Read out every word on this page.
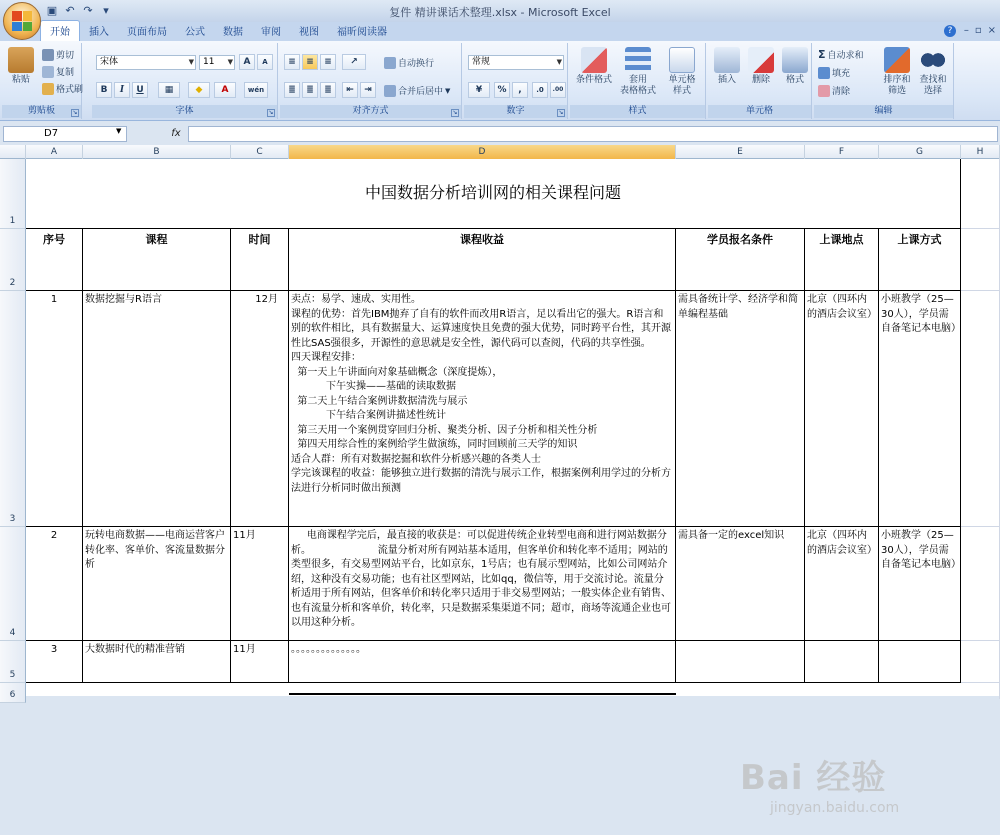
▣ ↶ ↷ ▾	复件 精讲课话术整理.xlsx - Microsoft Excel
开始	插入	页面布局	公式	数据	审阅	视图	福昕阅读器	?	– ▫ ×
粘贴
剪切
复制
格式刷
剪贴板	↘
宋体	▼	11 ▼	A	A
B	I	U	▦	◆	A	wén
字体	↘
≡	≡	≡	↗	自动换行
≣	≣	≣	⇤	⇥	合并后居中 ▼
对齐方式	↘
常规	▼
¥	%	,	.0	.00
数字	↘
条件格式	套用
表格格式
单元格
样式
样式
插入	删除	格式
单元格
Σ 自动求和
填充
清除
排序和
筛选
查找和
选择
编辑
D7	▼	fx
A	B	C	D	E	F	G	H
1
2
3
4
5
6
中国数据分析培训网的相关课程问题
序号	课程	时间	课程收益	学员报名条件	上课地点	上课方式
1	数据挖掘与R语言	12月	卖点：易学、速成、实用性。
课程的优势：首先IBM抛弃了自有的软件而改用R语言，足以看出它的强大。R语言和别的软件相比，具有数据量大、运算速度快且免费的强大优势，同时跨平台性，其开源性比SAS强很多，开源性的意思就是安全性，源代码可以查阅，代码的共享性强。
四天课程安排：
第一天上午讲面向对象基础概念（深度提炼），
下午实操——基础的读取数据
第二天上午结合案例讲数据清洗与展示
下午结合案例讲描述性统计
第三天用一个案例贯穿回归分析、聚类分析、因子分析和相关性分析
第四天用综合性的案例给学生做演练，同时回顾前三天学的知识
适合人群：所有对数据挖掘和软件分析感兴趣的各类人士
学完该课程的收益：能够独立进行数据的清洗与展示工作，根据案例利用学过的分析方法进行分析同时做出预测

需具备统计学、经济学和简单编程基础
北京（四环内的酒店会议室）
小班教学（25—30人），学员需自备笔记本电脑）
2	玩转电商数据——电商运营客户转化率、客单价、客流量数据分析
11月	电商课程学完后，最直接的收获是：可以促进传统企业转型电商和进行网站数据分析。                     流量分析对所有网站基本适用，但客单价和转化率不适用；网站的类型很多，有交易型网站平台，比如京东，1号店；也有展示型网站，比如公司网站介绍，这种没有交易功能；也有社区型网站，比如qq，微信等，用于交流讨论。流量分析适用于所有网站，但客单价和转化率只适用于非交易型网站；一般实体企业有销售、也有流量分析和客单价，转化率，只是数据采集渠道不同；超市，商场等流通企业也可以用这种分析。

需具备一定的excel知识	北京（四环内的酒店会议室）
小班教学（25—30人），学员需自备笔记本电脑）
3	大数据时代的精准营销	11月	。。。。。。。。。。。。。。
Bai 经验
jingyan.baidu.com
